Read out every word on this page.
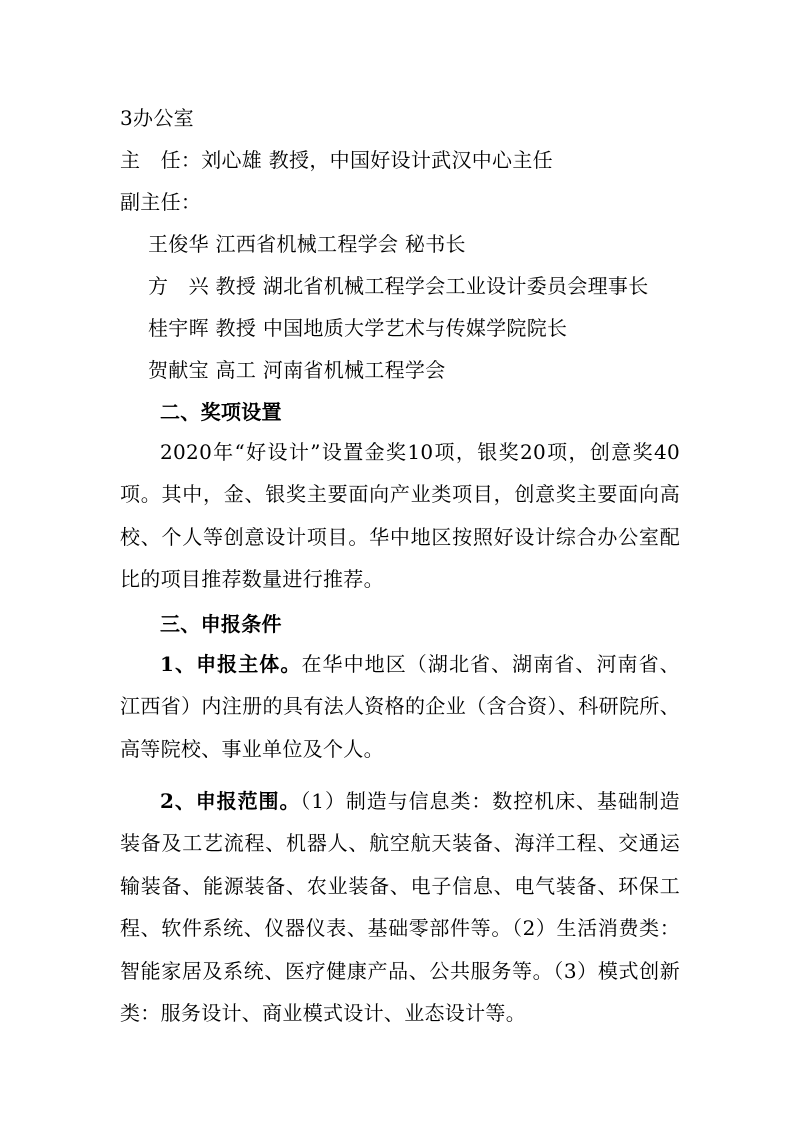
3办公室
主　任：刘心雄 教授，中国好设计武汉中心主任
副主任：
王俊华 江西省机械工程学会 秘书长
方　兴 教授 湖北省机械工程学会工业设计委员会理事长
桂宇晖 教授 中国地质大学艺术与传媒学院院长
贺献宝 高工 河南省机械工程学会
二、奖项设置
2020年“好设计”设置金奖10项，银奖20项，创意奖40项。其中，金、银奖主要面向产业类项目，创意奖主要面向高校、个人等创意设计项目。华中地区按照好设计综合办公室配比的项目推荐数量进行推荐。
三、申报条件
1、申报主体。在华中地区（湖北省、湖南省、河南省、江西省）内注册的具有法人资格的企业（含合资）、科研院所、高等院校、事业单位及个人。
2、申报范围。（1）制造与信息类：数控机床、基础制造装备及工艺流程、机器人、航空航天装备、海洋工程、交通运输装备、能源装备、农业装备、电子信息、电气装备、环保工程、软件系统、仪器仪表、基础零部件等。（2）生活消费类：智能家居及系统、医疗健康产品、公共服务等。（3）模式创新类：服务设计、商业模式设计、业态设计等。
